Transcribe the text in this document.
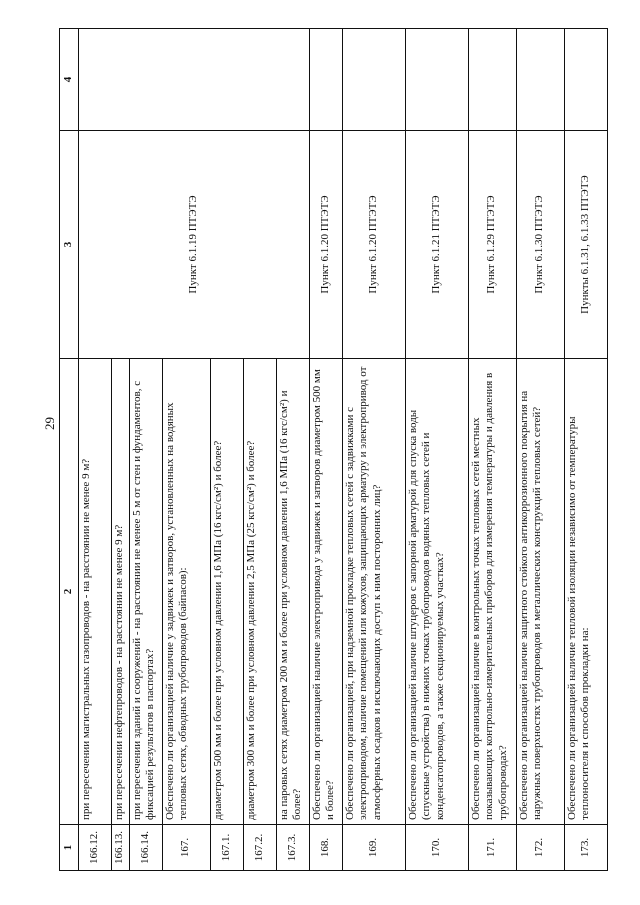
29
1	2	3	4
166.12.	при пересечении магистральных газопроводов - на расстоянии не менее 9 м?	Пункт 6.1.19 ПТЭТЭ	
166.13.	при пересечении нефтепроводов - на расстоянии не менее 9 м?		
166.14.	при пересечении зданий и сооружений - на расстоянии не менее 5 м от стен и фундаментов, с фиксацией результатов в паспортах?		
167.	Обеспечено ли организацией наличие у задвижек и затворов, установленных на водяных тепловых сетях, обводных трубопроводов (байпасов):		
167.1.	диаметром 500 мм и более при условном давлении 1,6 МПа (16 кгс/см²) и более?		
167.2.	диаметром 300 мм и более при условном давлении 2,5 МПа (25 кгс/см²) и более?		
167.3.	на паровых сетях диаметром 200 мм и более при условном давлении 1,6 МПа (16 кгс/см²) и более?		
168.	Обеспечено ли организацией наличие электропривода у задвижек и затворов диаметром 500 мм и более?	Пункт 6.1.20 ПТЭТЭ	
169.	Обеспечено ли организацией, при надземной прокладке тепловых сетей с задвижками с электроприводом, наличие помещений или кожухов, защищающих арматуру и электропривод от атмосферных осадков и исключающих доступ к ним посторонних лиц?	Пункт 6.1.20 ПТЭТЭ	
170.	Обеспечено ли организацией наличие штуцеров с запорной арматурой для спуска воды (спускные устройства) в нижних точках трубопроводов водяных тепловых сетей и конденсатопроводов, а также секционируемых участках?	Пункт 6.1.21 ПТЭТЭ	
171.	Обеспечено ли организацией наличие в контрольных точках тепловых сетей местных показывающих контрольно-измерительных приборов для измерения температуры и давления в трубопроводах?	Пункт 6.1.29 ПТЭТЭ	
172.	Обеспечено ли организацией наличие защитного стойкого антикоррозионного покрытия на наружных поверхностях трубопроводов и металлических конструкций тепловых сетей?	Пункт 6.1.30 ПТЭТЭ	
173.	Обеспечено ли организацией наличие тепловой изоляции независимо от температуры теплоносителя и способов прокладки на:	Пункты 6.1.31, 6.1.33 ПТЭТЭ	
